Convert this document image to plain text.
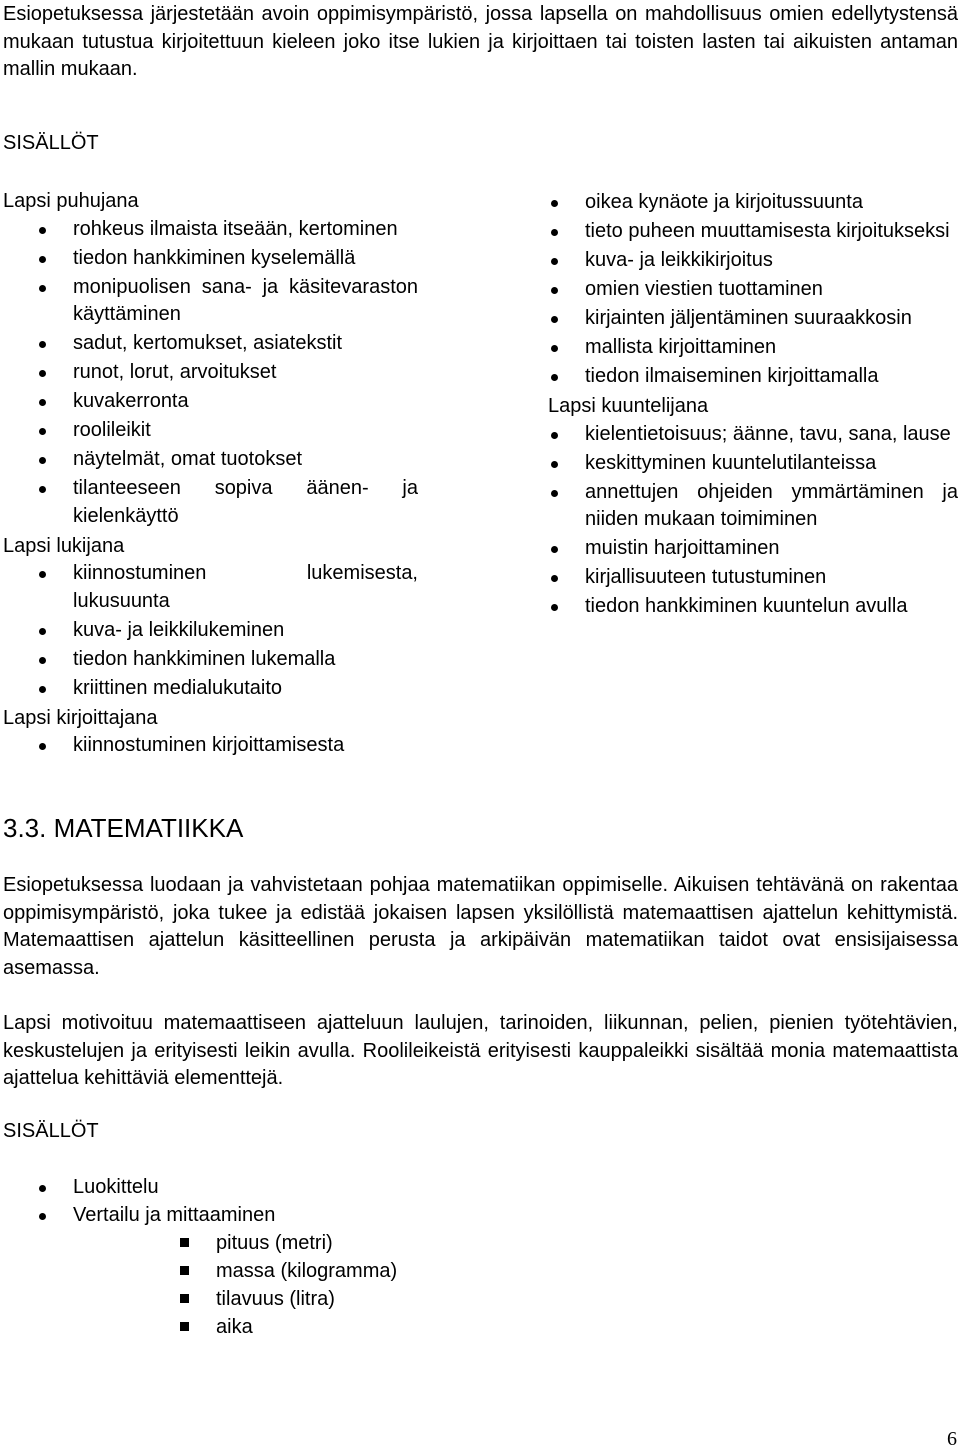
Esiopetuksessa järjestetään avoin oppimisympäristö, jossa lapsella on mahdollisuus omien edellytystensä mukaan tutustua kirjoitettuun kieleen joko itse lukien ja kirjoittaen tai toisten lasten tai aikuisten antaman mallin mukaan.

SISÄLLÖT

Lapsi puhujana

rohkeus ilmaista itseään, kertominen
tiedon hankkiminen kyselemällä
monipuolisen sana- ja käsitevaraston käyttäminen
sadut, kertomukset, asiatekstit
runot, lorut, arvoitukset
kuvakerronta
roolileikit
näytelmät, omat tuotokset
tilanteeseen sopiva äänen- ja kielenkäyttö

Lapsi lukijana

kiinnostuminen lukemisesta, lukusuunta
kuva- ja leikkilukeminen
tiedon hankkiminen lukemalla
kriittinen medialukutaito

Lapsi kirjoittajana

kiinnostuminen kirjoittamisesta
oikea kynäote ja kirjoitussuunta
tieto puheen muuttamisesta kirjoitukseksi
kuva- ja leikkikirjoitus
omien viestien tuottaminen
kirjainten jäljentäminen suuraakkosin
mallista kirjoittaminen
tiedon ilmaiseminen kirjoittamalla

Lapsi kuuntelijana

kielentietoisuus; äänne, tavu, sana, lause
keskittyminen kuuntelutilanteissa
annettujen ohjeiden ymmärtäminen ja niiden mukaan toimiminen
muistin harjoittaminen
kirjallisuuteen tutustuminen
tiedon hankkiminen kuuntelun avulla

3.3. MATEMATIIKKA

Esiopetuksessa luodaan ja vahvistetaan pohjaa matematiikan oppimiselle. Aikuisen tehtävänä on rakentaa oppimisympäristö, joka tukee ja edistää jokaisen lapsen yksilöllistä matemaattisen ajattelun kehittymistä. Matemaattisen ajattelun käsitteellinen perusta ja arkipäivän matematiikan taidot ovat ensisijaisessa asemassa.

Lapsi motivoituu matemaattiseen ajatteluun laulujen, tarinoiden, liikunnan, pelien, pienien työtehtävien, keskustelujen ja erityisesti leikin avulla. Roolileikeistä erityisesti kauppaleikki sisältää monia matemaattista ajattelua kehittäviä elementtejä.

SISÄLLÖT

Luokittelu
Vertailu ja mittaaminen
pituus (metri)
massa (kilogramma)
tilavuus (litra)
aika
6
